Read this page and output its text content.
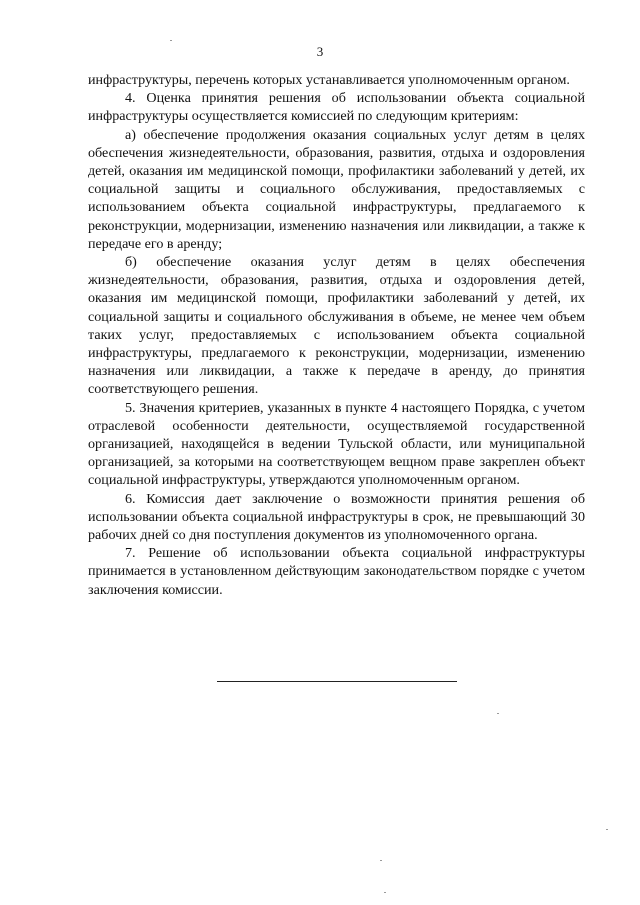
3

инфраструктуры, перечень которых устанавливается уполномоченным органом.

4. Оценка принятия решения об использовании объекта социальной инфраструктуры осуществляется комиссией по следующим критериям:

а) обеспечение продолжения оказания социальных услуг детям в целях обеспечения жизнедеятельности, образования, развития, отдыха и оздоровления детей, оказания им медицинской помощи, профилактики заболеваний у детей, их социальной защиты и социального обслуживания, предоставляемых с использованием объекта социальной инфраструктуры, предлагаемого к реконструкции, модернизации, изменению назначения или ликвидации, а также к передаче его в аренду;

б) обеспечение оказания услуг детям в целях обеспечения жизнедеятельности, образования, развития, отдыха и оздоровления детей, оказания им медицинской помощи, профилактики заболеваний у детей, их социальной защиты и социального обслуживания в объеме, не менее чем объем таких услуг, предоставляемых с использованием объекта социальной инфраструктуры, предлагаемого к реконструкции, модернизации, изменению назначения или ликвидации, а также к передаче в аренду, до принятия соответствующего решения.

5. Значения критериев, указанных в пункте 4 настоящего Порядка, с учетом отраслевой особенности деятельности, осуществляемой государственной организацией, находящейся в ведении Тульской области, или муниципальной организацией, за которыми на соответствующем вещном праве закреплен объект социальной инфраструктуры, утверждаются уполномоченным органом.

6. Комиссия дает заключение о возможности принятия решения об использовании объекта социальной инфраструктуры в срок, не превышающий 30 рабочих дней со дня поступления документов из уполномоченного органа.

7. Решение об использовании объекта социальной инфраструктуры принимается в установленном действующим законодательством порядке с учетом заключения комиссии.
